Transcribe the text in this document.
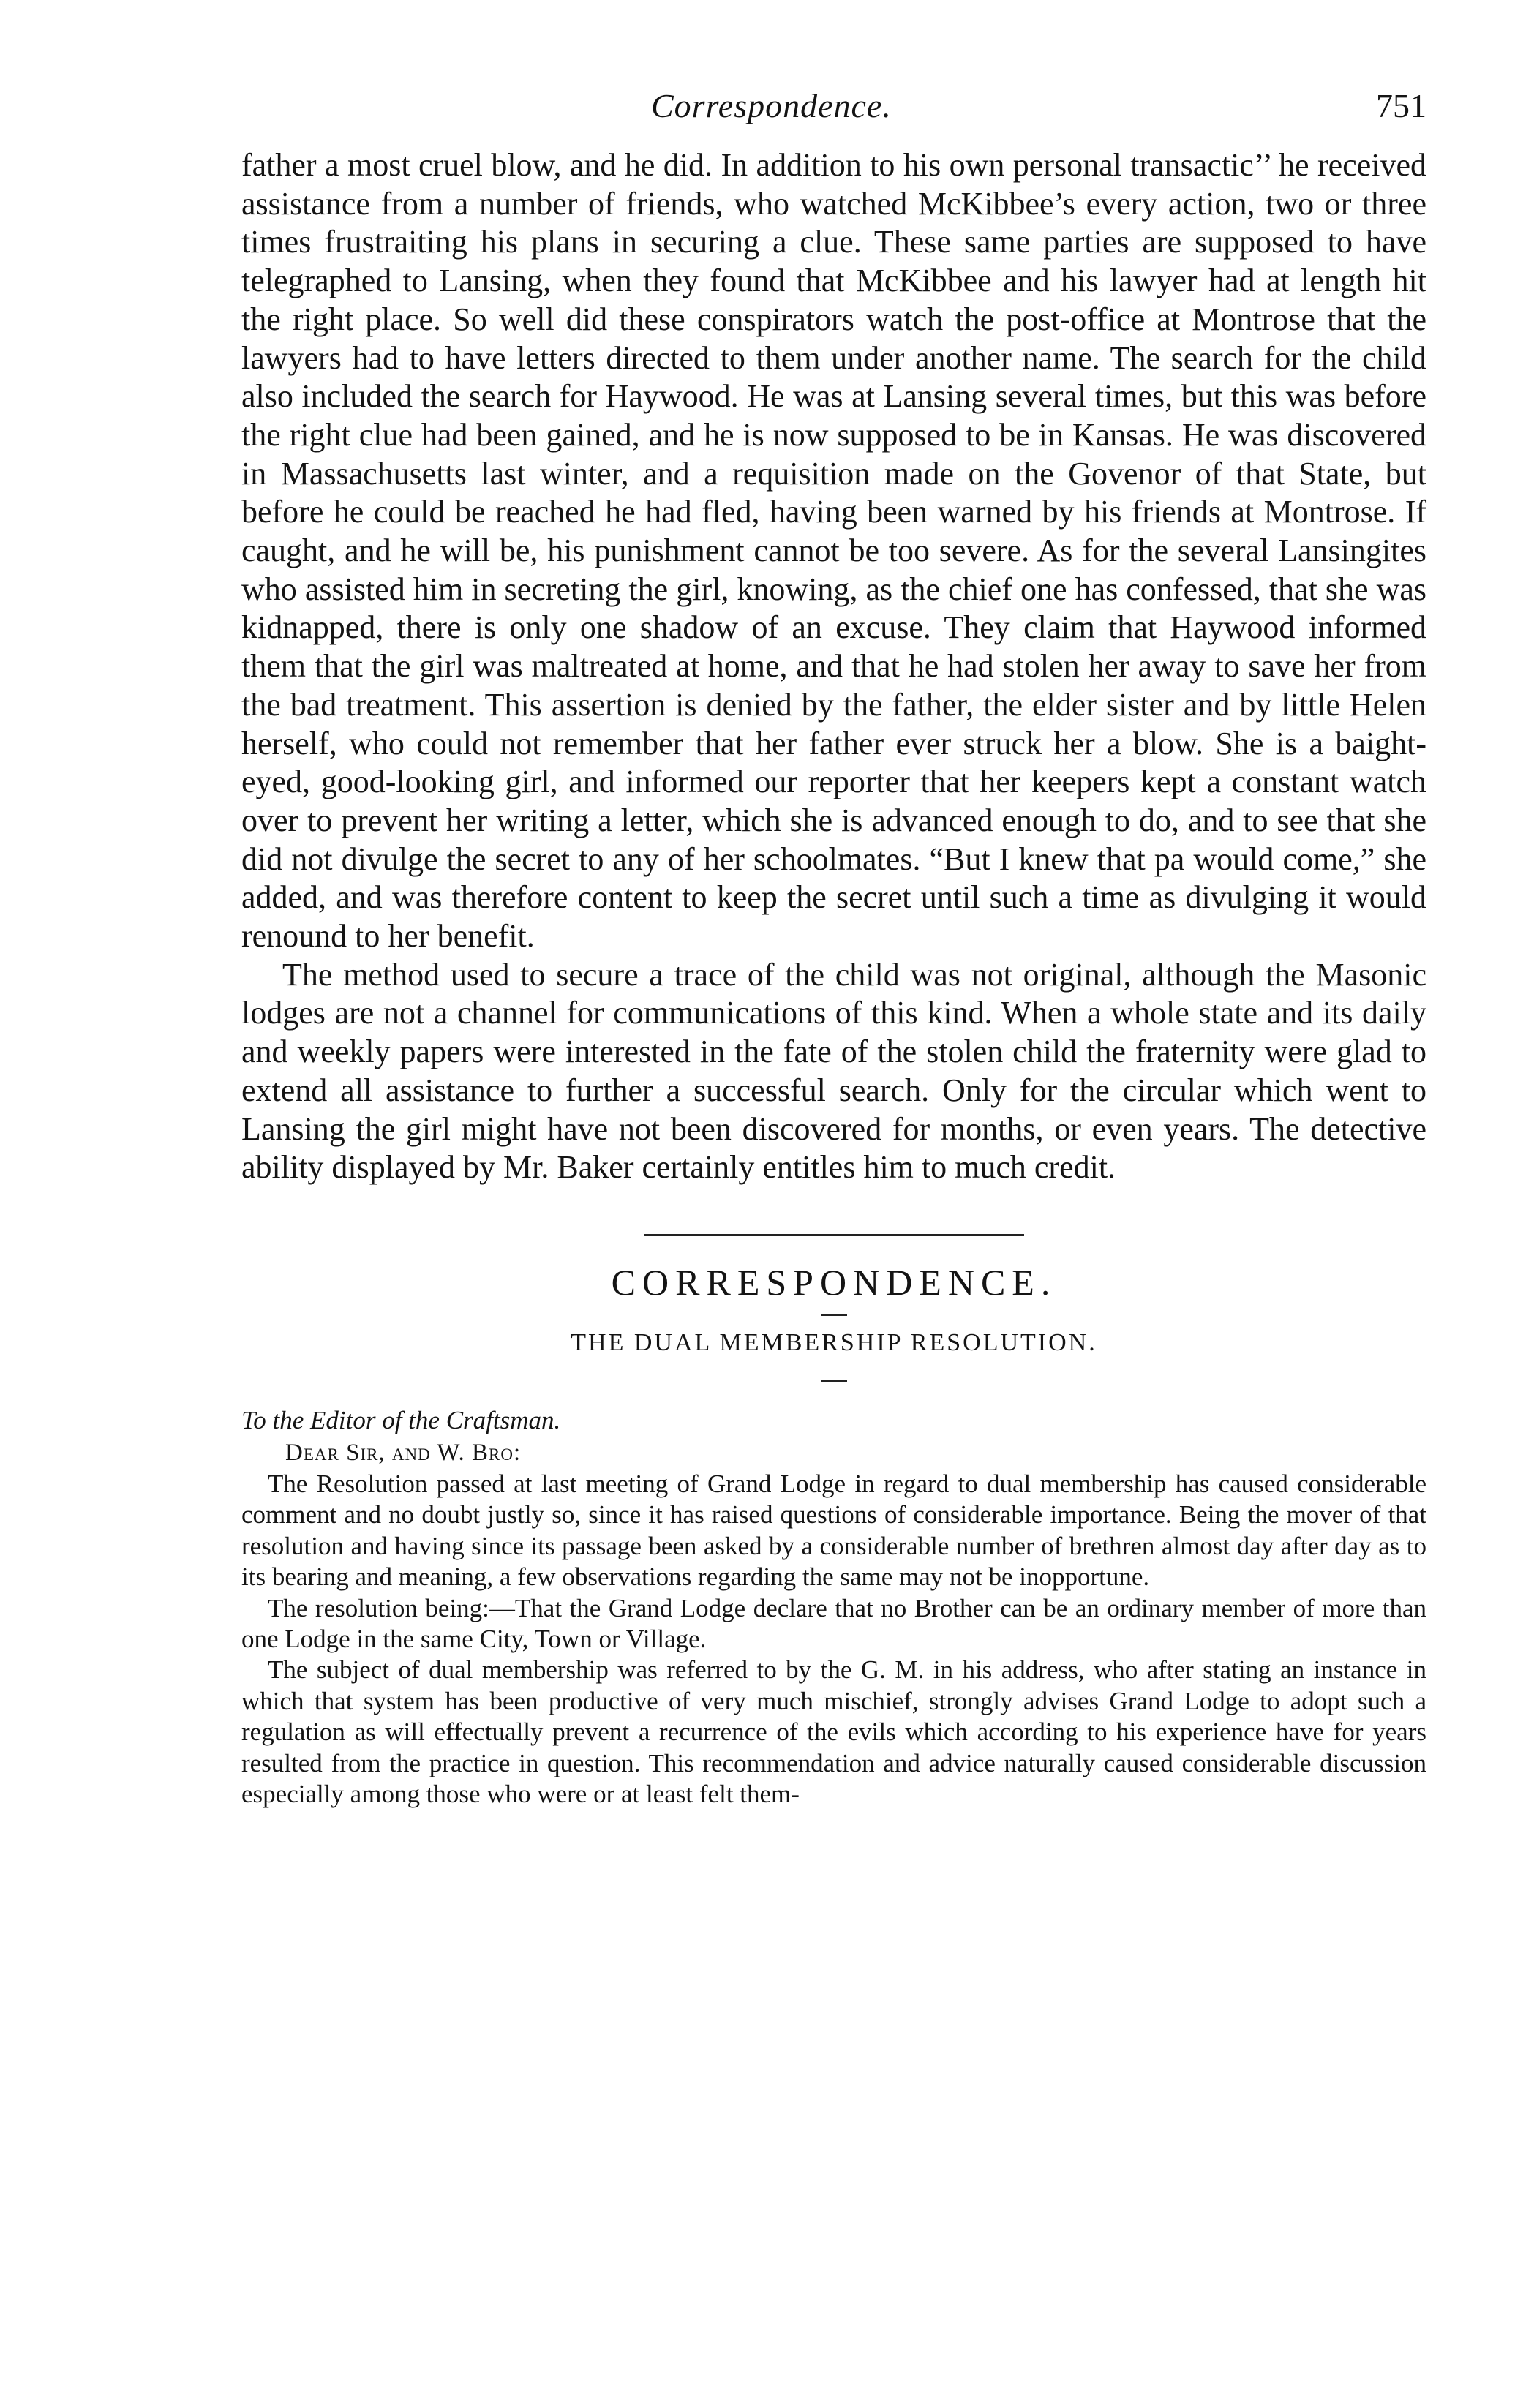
Correspondence.	751

father a most cruel blow, and he did. In addition to his own personal transactic’’ he received assistance from a number of friends, who watched McKibbee’s every action, two or three times frustraiting his plans in securing a clue. These same parties are supposed to have telegraphed to Lansing, when they found that McKibbee and his lawyer had at length hit the right place. So well did these conspirators watch the post-office at Montrose that the lawyers had to have letters directed to them under another name. The search for the child also included the search for Haywood. He was at Lansing several times, but this was before the right clue had been gained, and he is now supposed to be in Kansas. He was discovered in Massachusetts last winter, and a requisition made on the Govenor of that State, but before he could be reached he had fled, having been warned by his friends at Montrose. If caught, and he will be, his punishment cannot be too severe. As for the several Lansingites who assisted him in secreting the girl, knowing, as the chief one has confessed, that she was kidnapped, there is only one shadow of an excuse. They claim that Haywood informed them that the girl was maltreated at home, and that he had stolen her away to save her from the bad treatment. This assertion is denied by the father, the elder sister and by little Helen herself, who could not remember that her father ever struck her a blow. She is a baight-eyed, good-looking girl, and informed our reporter that her keepers kept a constant watch over to prevent her writing a letter, which she is advanced enough to do, and to see that she did not divulge the secret to any of her schoolmates. “But I knew that pa would come,” she added, and was therefore content to keep the secret until such a time as divulging it would renound to her benefit.

The method used to secure a trace of the child was not original, although the Masonic lodges are not a channel for communications of this kind. When a whole state and its daily and weekly papers were interested in the fate of the stolen child the fraternity were glad to extend all assistance to further a successful search. Only for the circular which went to Lansing the girl might have not been discovered for months, or even years. The detective ability displayed by Mr. Baker certainly entitles him to much credit.

CORRESPONDENCE.
THE DUAL MEMBERSHIP RESOLUTION.
To the Editor of the Craftsman.
Dear Sir, and W. Bro:

The Resolution passed at last meeting of Grand Lodge in regard to dual membership has caused considerable comment and no doubt justly so, since it has raised questions of considerable importance. Being the mover of that resolution and having since its passage been asked by a considerable number of brethren almost day after day as to its bearing and meaning, a few observations regarding the same may not be inopportune.

The resolution being:—That the Grand Lodge declare that no Brother can be an ordinary member of more than one Lodge in the same City, Town or Village.

The subject of dual membership was referred to by the G. M. in his address, who after stating an instance in which that system has been productive of very much mischief, strongly advises Grand Lodge to adopt such a regulation as will effectually prevent a recurrence of the evils which according to his experience have for years resulted from the practice in question. This recommendation and advice naturally caused considerable discussion especially among those who were or at least felt them-
